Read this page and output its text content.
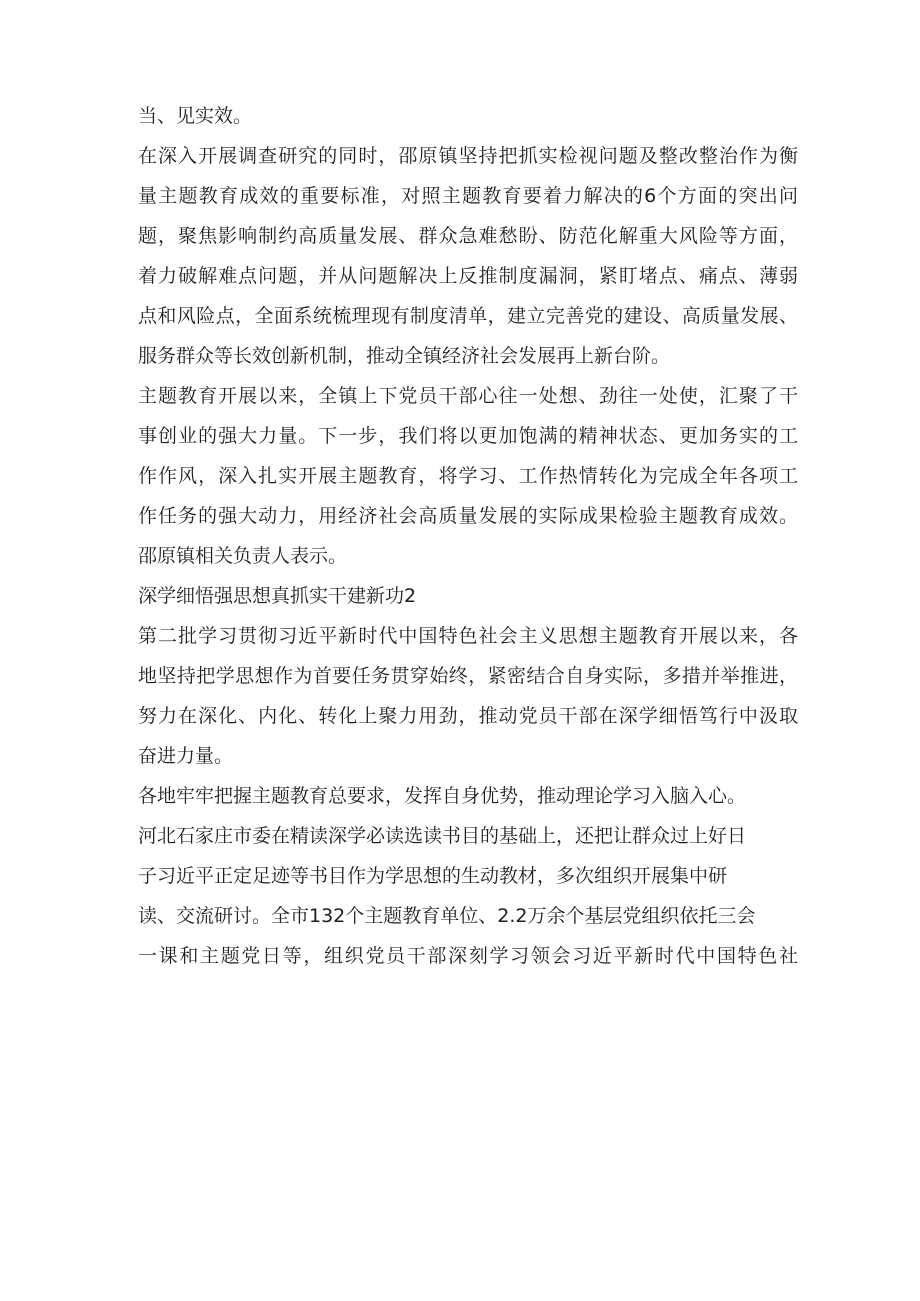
当、见实效。
在深入开展调查研究的同时，邵原镇坚持把抓实检视问题及整改整治作为衡
量主题教育成效的重要标准，对照主题教育要着力解决的6个方面的突出问
题，聚焦影响制约高质量发展、群众急难愁盼、防范化解重大风险等方面，
着力破解难点问题，并从问题解决上反推制度漏洞，紧盯堵点、痛点、薄弱
点和风险点，全面系统梳理现有制度清单，建立完善党的建设、高质量发展、
服务群众等长效创新机制，推动全镇经济社会发展再上新台阶。
主题教育开展以来，全镇上下党员干部心往一处想、劲往一处使，汇聚了干
事创业的强大力量。下一步，我们将以更加饱满的精神状态、更加务实的工
作作风，深入扎实开展主题教育，将学习、工作热情转化为完成全年各项工
作任务的强大动力，用经济社会高质量发展的实际成果检验主题教育成效。
邵原镇相关负责人表示。
深学细悟强思想真抓实干建新功2
第二批学习贯彻习近平新时代中国特色社会主义思想主题教育开展以来，各
地坚持把学思想作为首要任务贯穿始终，紧密结合自身实际，多措并举推进，
努力在深化、内化、转化上聚力用劲，推动党员干部在深学细悟笃行中汲取
奋进力量。
各地牢牢把握主题教育总要求，发挥自身优势，推动理论学习入脑入心。
河北石家庄市委在精读深学必读选读书目的基础上，还把让群众过上好日
子习近平正定足迹等书目作为学思想的生动教材，多次组织开展集中研
读、交流研讨。全市132个主题教育单位、2.2万余个基层党组织依托三会
一课和主题党日等，组织党员干部深刻学习领会习近平新时代中国特色社
